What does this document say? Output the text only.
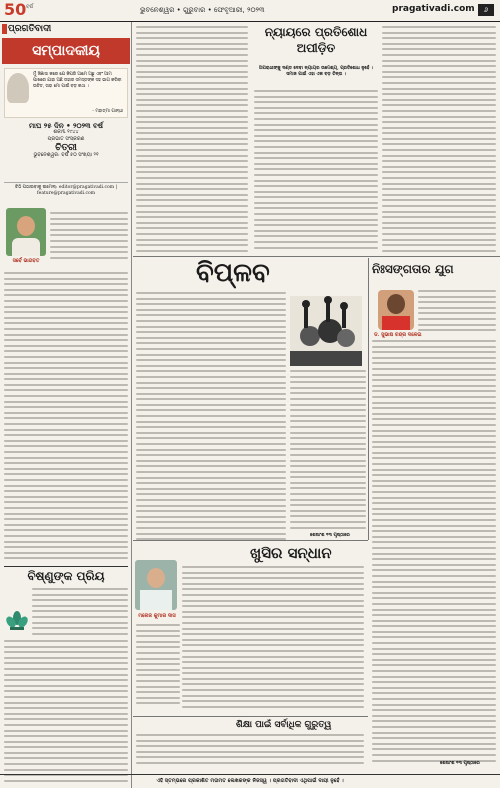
50 ବର୍ଷ	ଭୁବନେଶ୍ୱର • ଗୁରୁବାର • ଫେବୃଆରୀ, ୨୦୨୩	pragativadi.com	୬
ପ୍ରଗତିବାଦୀ
ସମ୍ପାଦକୀୟ
ମୁଁ ଜିଜ୍ଞାସା କରେ ଯେ କିପରି ଆମେ ଅଛୁ ଏବଂ ଆମ ପାଖରେ ଯାହା ଅଛି ତାହାର ସମସ୍ତଙ୍କ ସହ ଭାଗ କରିବା ଉଚିତ, ତାହା ମୋ ପାଇଁ ବଡ଼ କଥା ।
- ମହାତ୍ମା ଗାନ୍ଧୀ
ମାଘ ୨୫ ଦିନ • ୨୦୨୩ ବର୍ଷ
ଶକାବ୍ଦ ୧୯୪୪
ପ୍ରଭାତ ସଂସ୍କରଣ
ଚିତ୍ରୀ
ଭୁବନେଶ୍ୱର: ବର୍ଷ ୫୦ ସଂଖ୍ୟା ୨୧
ଚିଠି ପଠାଇବାକୁ ଇମେଲ୍: editor@pragativadi.com | feature@pragativadi.com
ସର୍ବେ ଭାଗବତ
ବିଷ୍ଣୁଙ୍କ ପ୍ରିୟ
ନ୍ୟାୟରେ ପ୍ରତିଶୋଧ ଅପୀଡ଼ିତ
ଅପରାଧୀଙ୍କୁ ଦଣ୍ଡ ଦେବା ନ୍ୟାୟର ଉଦ୍ଦେଶ୍ୟ, ପ୍ରତିଶୋଧ ନୁହେଁ । ସମାଜ ପାଇଁ ଏହା ଏକ ବଡ଼ ଚିନ୍ତା ।
ବିପ୍ଳବ
ଶେଷାଂଶ ୧୩ ପୃଷ୍ଠାରେ
ନିଃସଙ୍ଗତାର ଯୁଗ
ଡ. ସୁଭାଷ ଚନ୍ଦ୍ର ଦଳେଇ
ଶେଷାଂଶ ୧୩ ପୃଷ୍ଠାରେ
ଖୁସିର ସନ୍ଧାନ
ମନୋଜ କୁମାର ଦାସ
ଶିକ୍ଷା ପାଇଁ ସର୍ବାଧିକ ଗୁରୁତ୍ୱ
ଏହି ସ୍ତମ୍ଭରେ ପ୍ରକାଶିତ ମତାମତ ଲେଖକଙ୍କ ନିଜସ୍ୱ । ପ୍ରଗତିବାଦୀ ଏଥିପାଇଁ ଦାୟୀ ନୁହେଁ ।
